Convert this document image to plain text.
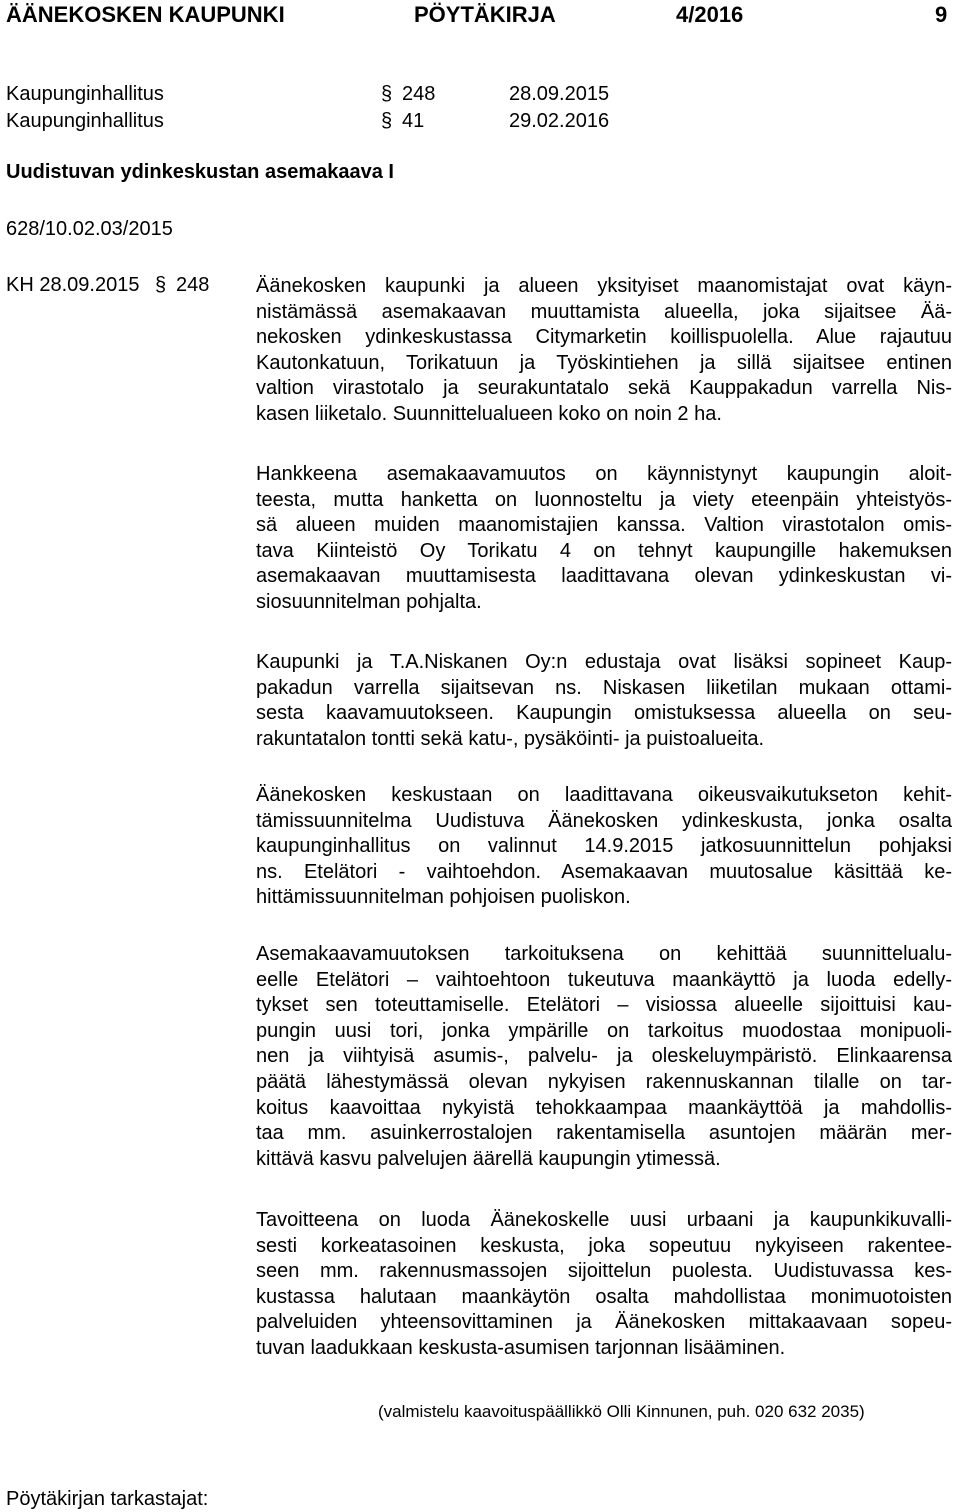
ÄÄNEKOSKEN KAUPUNKI	PÖYTÄKIRJA	4/2016	9
Kaupunginhallitus	§ 248	28.09.2015
Kaupunginhallitus	§ 41	29.02.2016
Uudistuvan ydinkeskustan asemakaava I
628/10.02.03/2015
KH 28.09.2015 § 248 Äänekosken kaupunki ja alueen yksityiset maanomistajat ovat käyn-
nistämässä asemakaavan muuttamista alueella, joka sijaitsee Ää-
nekosken ydinkeskustassa Citymarketin koillispuolella. Alue rajautuu
Kautonkatuun, Torikatuun ja Työskintiehen ja sillä sijaitsee entinen
valtion virastotalo ja seurakuntatalo sekä Kauppakadun varrella Nis-
kasen liiketalo. Suunnittelualueen koko on noin 2 ha.
Hankkeena asemakaavamuutos on käynnistynyt kaupungin aloit-
teesta, mutta hanketta on luonnosteltu ja viety eteenpäin yhteistyös-
sä alueen muiden maanomistajien kanssa. Valtion virastotalon omis-
tava Kiinteistö Oy Torikatu 4 on tehnyt kaupungille hakemuksen
asemakaavan muuttamisesta laadittavana olevan ydinkeskustan vi-
siosuunnitelman pohjalta.
Kaupunki ja T.A.Niskanen Oy:n edustaja ovat lisäksi sopineet Kaup-
pakadun varrella sijaitsevan ns. Niskasen liiketilan mukaan ottami-
sesta kaavamuutokseen. Kaupungin omistuksessa alueella on seu-
rakuntatalon tontti sekä katu-, pysäköinti- ja puistoalueita.
Äänekosken keskustaan on laadittavana oikeusvaikutukseton kehit-
tämissuunnitelma Uudistuva Äänekosken ydinkeskusta, jonka osalta
kaupunginhallitus on valinnut 14.9.2015 jatkosuunnittelun pohjaksi
ns. Etelätori - vaihtoehdon. Asemakaavan muutosalue käsittää ke-
hittämissuunnitelman pohjoisen puoliskon.
Asemakaavamuutoksen tarkoituksena on kehittää suunnittelualu-
eelle Etelätori – vaihtoehtoon tukeutuva maankäyttö ja luoda edelly-
tykset sen toteuttamiselle. Etelätori – visiossa alueelle sijoittuisi kau-
pungin uusi tori, jonka ympärille on tarkoitus muodostaa monipuoli-
nen ja viihtyisä asumis-, palvelu- ja oleskeluympäristö. Elinkaarensa
päätä lähestymässä olevan nykyisen rakennuskannan tilalle on tar-
koitus kaavoittaa nykyistä tehokkaampaa maankäyttöä ja mahdollis-
taa mm. asuinkerrostalojen rakentamisella asuntojen määrän mer-
kittävä kasvu palvelujen äärellä kaupungin ytimessä.
Tavoitteena on luoda Äänekoskelle uusi urbaani ja kaupunkikuvalli-
sesti korkeatasoinen keskusta, joka sopeutuu nykyiseen rakentee-
seen mm. rakennusmassojen sijoittelun puolesta. Uudistuvassa kes-
kustassa halutaan maankäytön osalta mahdollistaa monimuotoisten
palveluiden yhteensovittaminen ja Äänekosken mittakaavaan sopeu-
tuvan laadukkaan keskusta-asumisen tarjonnan lisääminen.
(valmistelu kaavoituspäällikkö Olli Kinnunen, puh. 020 632 2035)
Pöytäkirjan tarkastajat:
